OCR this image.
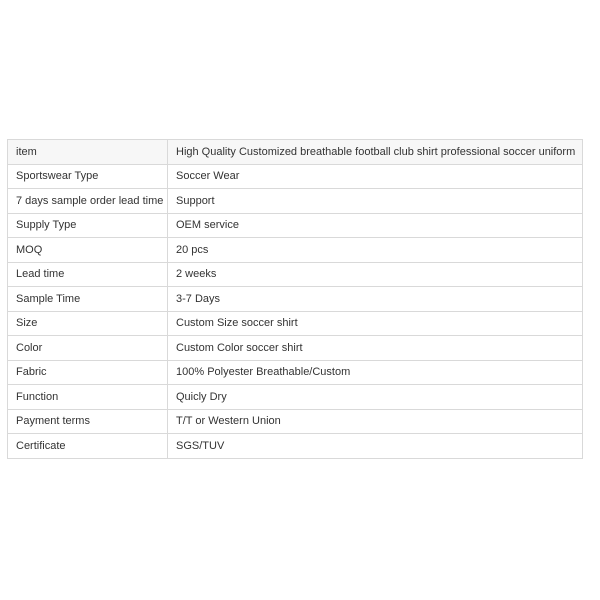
item	High Quality Customized breathable football club shirt professional soccer uniform
Sportswear Type	Soccer Wear
7 days sample order lead time	Support
Supply Type	OEM service
MOQ	20 pcs
Lead time	2 weeks
Sample Time	3-7 Days
Size	Custom Size soccer shirt
Color	Custom Color soccer shirt
Fabric	100% Polyester Breathable/Custom
Function	Quicly Dry
Payment terms	T/T or Western Union
Certificate	SGS/TUV
